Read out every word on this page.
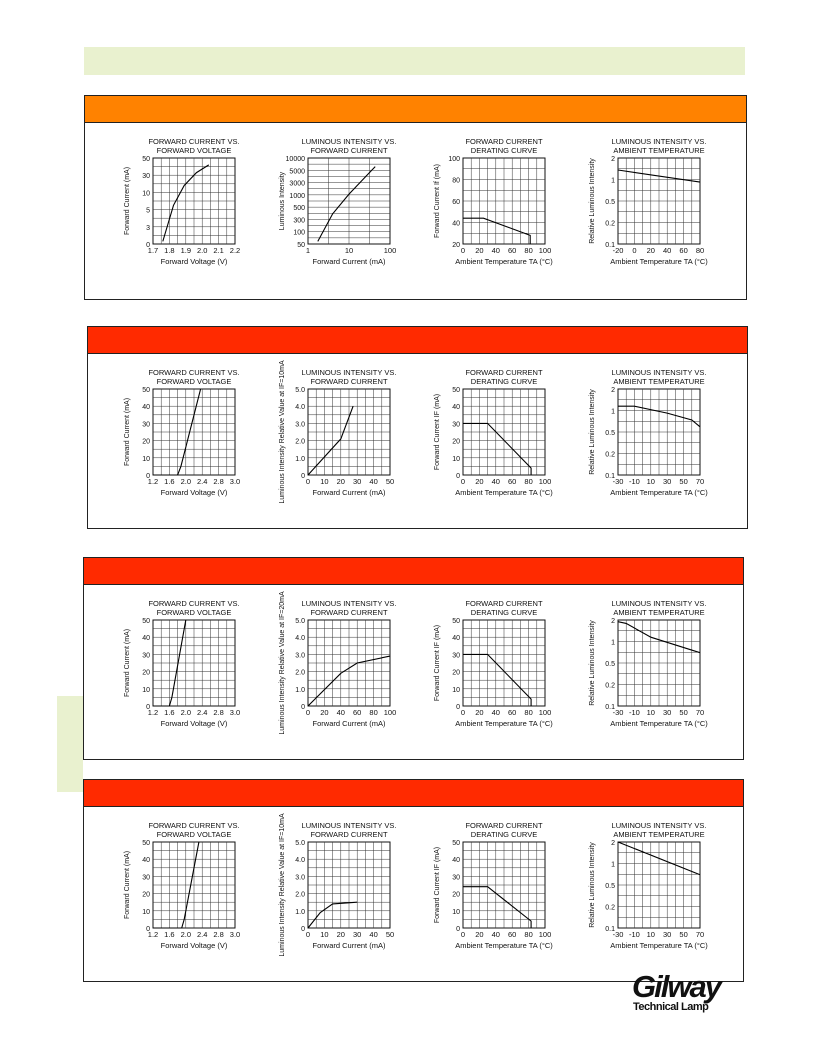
FORWARD CURRENT VS.
FORWARD VOLTAGE
1.7 1.8 1.9 2.0 2.1 2.2
0
3
5
10
30
50
Forward Voltage (V)
Forward Current (mA)
LUMINOUS INTENSITY VS.
FORWARD CURRENT
1	10	100
50
100
300
500
1000
3000
5000
10000
Forward Current (mA)
Luminous Intensity
FORWARD CURRENT
DERATING CURVE
0 20 40 60 80 100
20
40
60
80
100
Ambient Temperature TA (°C)
Forward Current If (mA)
LUMINOUS INTENSITY VS.
AMBIENT TEMPERATURE
-20 0 20 40 60 80
0.1
0.2
0.5
1
2
Ambient Temperature TA (°C)
Relative Luminous Intensity
FORWARD CURRENT VS.
FORWARD VOLTAGE
1.2 1.6 2.0 2.4 2.8 3.0
0
10
20
30
40
50
Forward Voltage (V)
Forward Current (mA)
LUMINOUS INTENSITY VS.
FORWARD CURRENT
0 10 20 30 40 50
0
1.0
2.0
3.0
4.0
5.0
Forward Current (mA)
Luminous Intensity Relative Value at IF=10mA	FORWARD CURRENT
DERATING CURVE
0 20 40 60 80 100
0
10
20
30
40
50
Ambient Temperature TA (°C)
Forward Current IF (mA)
LUMINOUS INTENSITY VS.
AMBIENT TEMPERATURE
-30 -10 10 30 50 70
0.1
0.2
0.5
1
2
Ambient Temperature TA (°C)
Relative Luminous Intensity
FORWARD CURRENT VS.
FORWARD VOLTAGE
1.2 1.6 2.0 2.4 2.8 3.0
0
10
20
30
40
50
Forward Voltage (V)
Forward Current (mA)
LUMINOUS INTENSITY VS.
FORWARD CURRENT
0 20 40 60 80 100
0
1.0
2.0
3.0
4.0
5.0
Forward Current (mA)
Luminous Intensity Relative Value at IF=20mA	FORWARD CURRENT
DERATING CURVE
0 20 40 60 80 100
0
10
20
30
40
50
Ambient Temperature TA (°C)
Forward Current IF (mA)
LUMINOUS INTENSITY VS.
AMBIENT TEMPERATURE
-30 -10 10 30 50 70
0.1
0.2
0.5
1
2
Ambient Temperature TA (°C)
Relative Luminous Intensity
FORWARD CURRENT VS.
FORWARD VOLTAGE
1.2 1.6 2.0 2.4 2.8 3.0
0
10
20
30
40
50
Forward Voltage (V)
Forward Current (mA)
LUMINOUS INTENSITY VS.
FORWARD CURRENT
0 10 20 30 40 50
0
1.0
2.0
3.0
4.0
5.0
Forward Current (mA)
Luminous Intensity Relative Value at IF=10mA	FORWARD CURRENT
DERATING CURVE
0 20 40 60 80 100
0
10
20
30
40
50
Ambient Temperature TA (°C)
Forward Current IF (mA)
LUMINOUS INTENSITY VS.
AMBIENT TEMPERATURE
-30 -10 10 30 50 70
0.1
0.2
0.5
1
2
Ambient Temperature TA (°C)
Relative Luminous Intensity
Gilway
Technical Lamp
